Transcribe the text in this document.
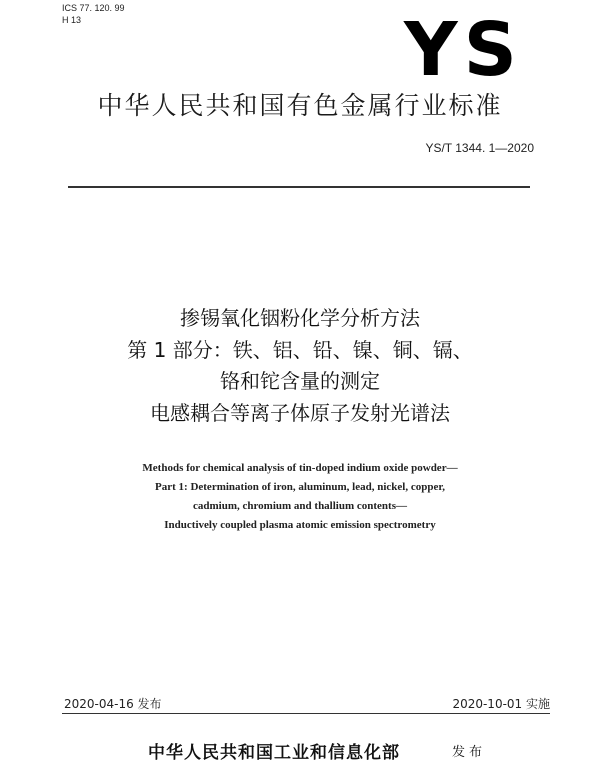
ICS 77. 120. 99
H 13	YS
中华人民共和国有色金属行业标准
YS/T 1344. 1—2020
掺锡氧化铟粉化学分析方法
第 1 部分：铁、铝、铅、镍、铜、镉、
铬和铊含量的测定
电感耦合等离子体原子发射光谱法
Methods for chemical analysis of tin-doped indium oxide powder—
Part 1: Determination of iron, aluminum, lead, nickel, copper,
cadmium, chromium and thallium contents—
Inductively coupled plasma atomic emission spectrometry
2020-04-16 发布	2020-10-01 实施
中华人民共和国工业和信息化部	发布
